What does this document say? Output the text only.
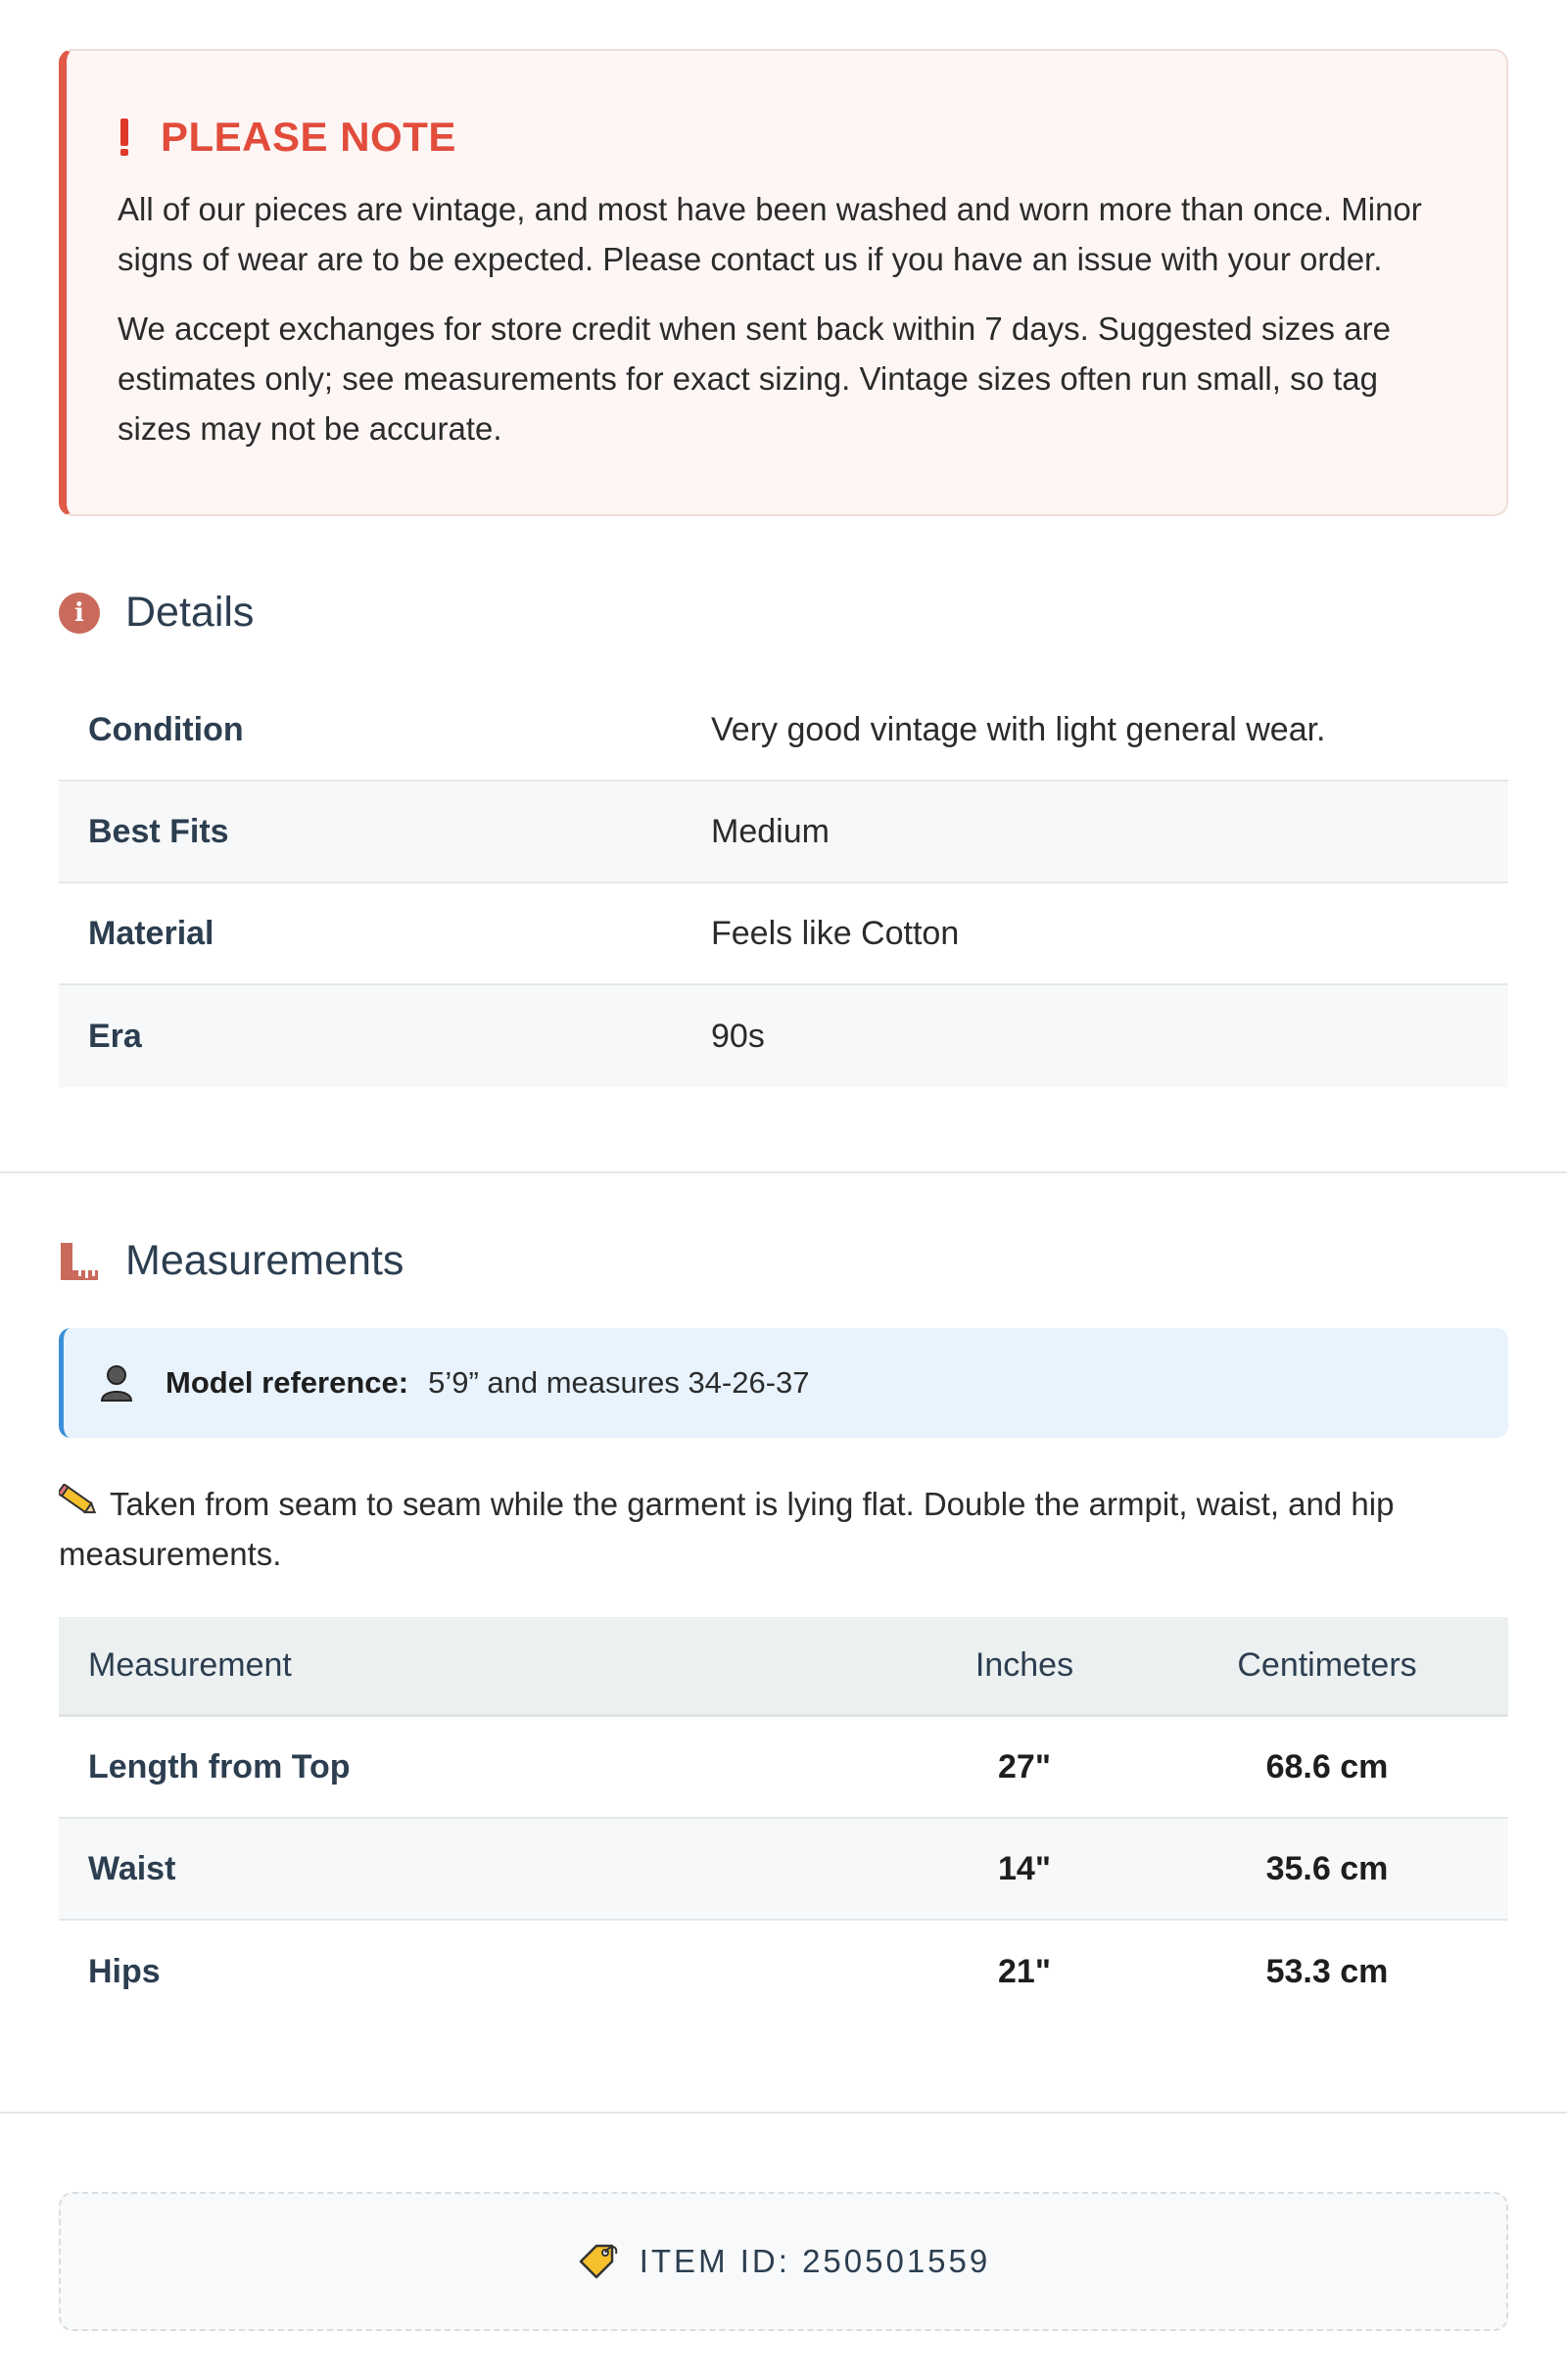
PLEASE NOTE

All of our pieces are vintage, and most have been washed and worn more than once. Minor signs of wear are to be expected. Please contact us if you have an issue with your order.

We accept exchanges for store credit when sent back within 7 days. Suggested sizes are estimates only; see measurements for exact sizing. Vintage sizes often run small, so tag sizes may not be accurate.

i Details
Condition	Very good vintage with light general wear.
Best Fits	Medium
Material	Feels like Cotton
Era	90s
Measurements
Model reference: 5’9” and measures 34-26-37

Taken from seam to seam while the garment is lying flat. Double the armpit, waist, and hip measurements.

Measurement	Inches	Centimeters
Length from Top	27"	68.6 cm
Waist	14"	35.6 cm
Hips	21"	53.3 cm
ITEM ID: 250501559
